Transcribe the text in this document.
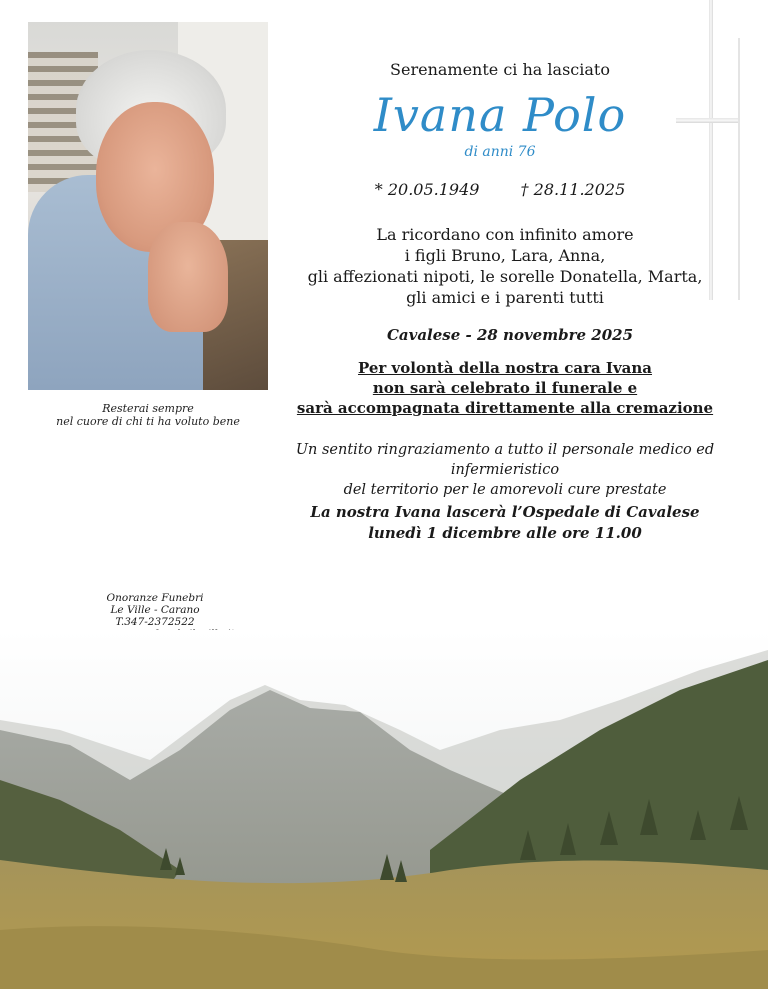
Resterai sempre
nel cuore di chi ti ha voluto bene
Serenamente ci ha lasciato
Ivana Polo
di anni 76
* 20.05.1949	† 28.11.2025
La ricordano con infinito amore
i figli Bruno, Lara, Anna,
gli affezionati nipoti, le sorelle Donatella, Marta,
gli amici e i parenti tutti
Cavalese - 28 novembre 2025
Per volontà della nostra cara Ivana
non sarà celebrato il funerale e
sarà accompagnata direttamente alla cremazione
Un sentito ringraziamento a tutto il personale medico ed infermieristico
del territorio per le amorevoli cure prestate
La nostra Ivana lascerà l’Ospedale di Cavalese
lunedì 1 dicembre alle ore 11.00
Onoranze Funebri
Le Ville - Carano
T.347-2372522
